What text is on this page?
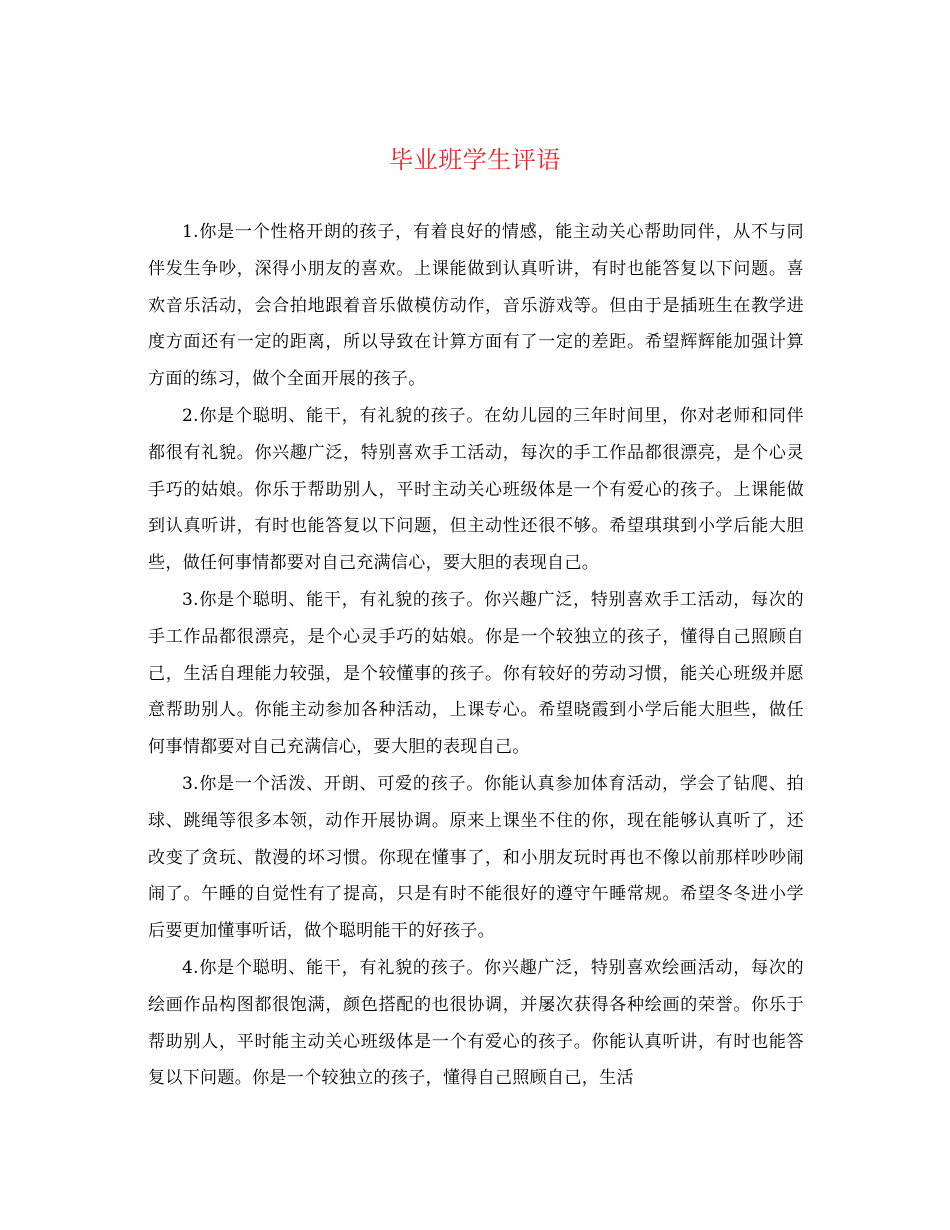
毕业班学生评语

1.你是一个性格开朗的孩子，有着良好的情感，能主动关心帮助同伴，从不与同伴发生争吵，深得小朋友的喜欢。上课能做到认真听讲，有时也能答复以下问题。喜欢音乐活动，会合拍地跟着音乐做模仿动作，音乐游戏等。但由于是插班生在教学进度方面还有一定的距离，所以导致在计算方面有了一定的差距。希望辉辉能加强计算方面的练习，做个全面开展的孩子。

2.你是个聪明、能干，有礼貌的孩子。在幼儿园的三年时间里，你对老师和同伴都很有礼貌。你兴趣广泛，特别喜欢手工活动，每次的手工作品都很漂亮，是个心灵手巧的姑娘。你乐于帮助别人，平时主动关心班级体是一个有爱心的孩子。上课能做到认真听讲，有时也能答复以下问题，但主动性还很不够。希望琪琪到小学后能大胆些，做任何事情都要对自己充满信心，要大胆的表现自己。

3.你是个聪明、能干，有礼貌的孩子。你兴趣广泛，特别喜欢手工活动，每次的手工作品都很漂亮，是个心灵手巧的姑娘。你是一个较独立的孩子，懂得自己照顾自己，生活自理能力较强，是个较懂事的孩子。你有较好的劳动习惯，能关心班级并愿意帮助别人。你能主动参加各种活动，上课专心。希望晓霞到小学后能大胆些，做任何事情都要对自己充满信心，要大胆的表现自己。

3.你是一个活泼、开朗、可爱的孩子。你能认真参加体育活动，学会了钻爬、拍球、跳绳等很多本领，动作开展协调。原来上课坐不住的你，现在能够认真听了，还改变了贪玩、散漫的坏习惯。你现在懂事了，和小朋友玩时再也不像以前那样吵吵闹闹了。午睡的自觉性有了提高，只是有时不能很好的遵守午睡常规。希望冬冬进小学后要更加懂事听话，做个聪明能干的好孩子。

4.你是个聪明、能干，有礼貌的孩子。你兴趣广泛，特别喜欢绘画活动，每次的绘画作品构图都很饱满，颜色搭配的也很协调，并屡次获得各种绘画的荣誉。你乐于帮助别人，平时能主动关心班级体是一个有爱心的孩子。你能认真听讲，有时也能答复以下问题。你是一个较独立的孩子，懂得自己照顾自己，生活
